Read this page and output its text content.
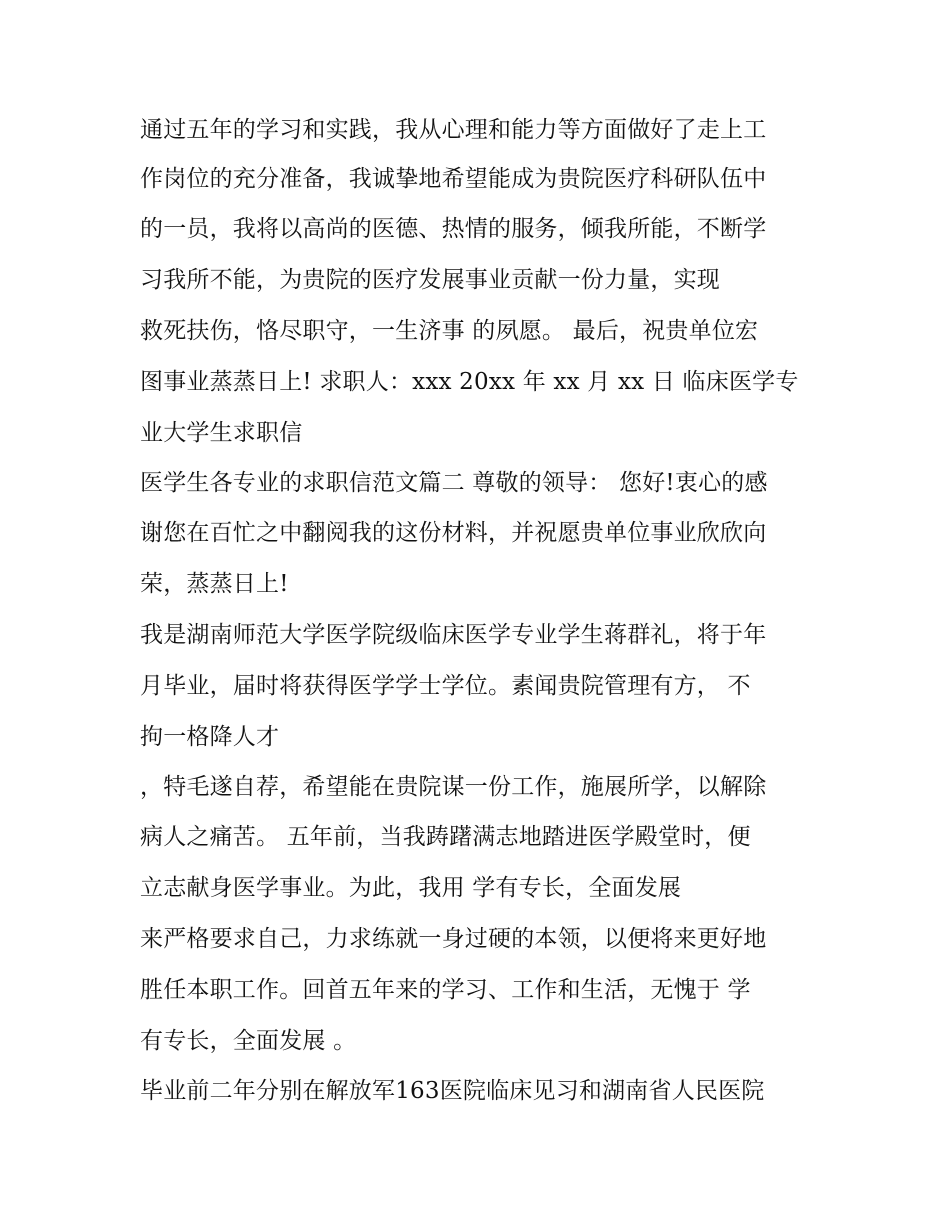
通过五年的学习和实践，我从心理和能力等方面做好了走上工
作岗位的充分准备，我诚挚地希望能成为贵院医疗科研队伍中
的一员，我将以高尚的医德、热情的服务，倾我所能，不断学
习我所不能，为贵院的医疗发展事业贡献一份力量，实现
救死扶伤，恪尽职守，一生济事 的夙愿。 最后，祝贵单位宏
图事业蒸蒸日上! 求职人：xxx 20xx 年 xx 月 xx 日 临床医学专
业大学生求职信
医学生各专业的求职信范文篇二 尊敬的领导： 您好!衷心的感
谢您在百忙之中翻阅我的这份材料，并祝愿贵单位事业欣欣向
荣，蒸蒸日上!
我是湖南师范大学医学院级临床医学专业学生蒋群礼，将于年
月毕业，届时将获得医学学士学位。素闻贵院管理有方， 不
拘一格降人才
，特毛遂自荐，希望能在贵院谋一份工作，施展所学，以解除
病人之痛苦。 五年前，当我踌躇满志地踏进医学殿堂时，便
立志献身医学事业。为此，我用 学有专长，全面发展
来严格要求自己，力求练就一身过硬的本领，以便将来更好地
胜任本职工作。回首五年来的学习、工作和生活，无愧于 学
有专长，全面发展 。
毕业前二年分别在解放军163医院临床见习和湖南省人民医院
